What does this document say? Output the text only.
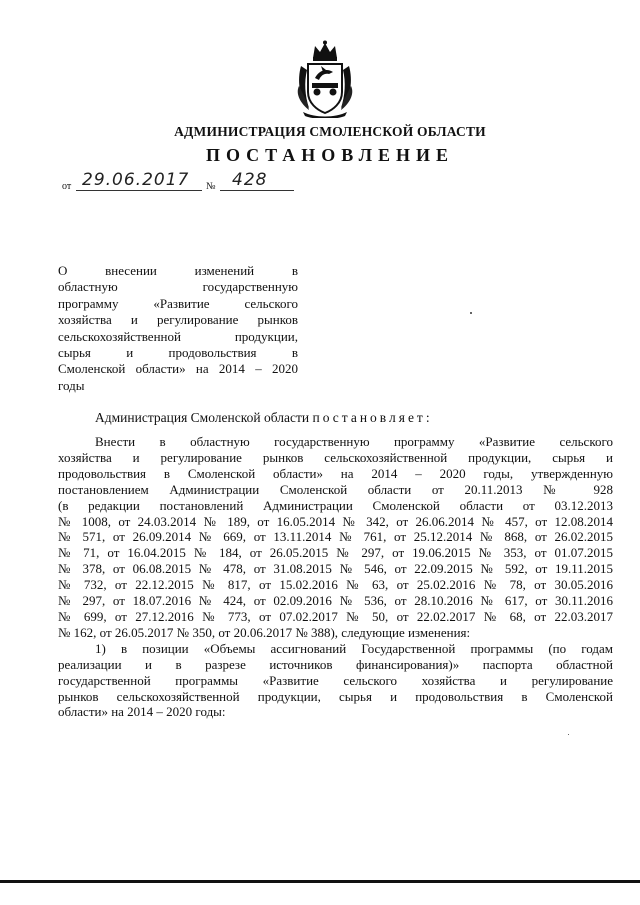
АДМИНИСТРАЦИЯ СМОЛЕНСКОЙ ОБЛАСТИ
ПОСТАНОВЛЕНИЕ
от 29.06.2017 № 428
О внесении изменений в
областную государственную
программу «Развитие сельского
хозяйства и регулирование рынков
сельскохозяйственной продукции,
сырья и продовольствия в
Смоленской области» на 2014 – 2020
годы
Администрация Смоленской области постановляет:
Внести в областную государственную программу «Развитие сельского
хозяйства и регулирование рынков сельскохозяйственной продукции, сырья и
продовольствия в Смоленской области» на 2014 – 2020 годы, утвержденную
постановлением Администрации Смоленской области от 20.11.2013 № 928
(в редакции постановлений Администрации Смоленской области от 03.12.2013
№ 1008, от 24.03.2014 № 189, от 16.05.2014 № 342, от 26.06.2014 № 457, от 12.08.2014
№ 571, от 26.09.2014 № 669, от 13.11.2014 № 761, от 25.12.2014 № 868, от 26.02.2015
№ 71, от 16.04.2015 № 184, от 26.05.2015 № 297, от 19.06.2015 № 353, от 01.07.2015
№ 378, от 06.08.2015 № 478, от 31.08.2015 № 546, от 22.09.2015 № 592, от 19.11.2015
№ 732, от 22.12.2015 № 817, от 15.02.2016 № 63, от 25.02.2016 № 78, от 30.05.2016
№ 297, от 18.07.2016 № 424, от 02.09.2016 № 536, от 28.10.2016 № 617, от 30.11.2016
№ 699, от 27.12.2016 № 773, от 07.02.2017 № 50, от 22.02.2017 № 68, от 22.03.2017
№ 162, от 26.05.2017 № 350, от 20.06.2017 № 388), следующие изменения:
1) в позиции «Объемы ассигнований Государственной программы (по годам
реализации и в разрезе источников финансирования)» паспорта областной
государственной программы «Развитие сельского хозяйства и регулирование
рынков сельскохозяйственной продукции, сырья и продовольствия в Смоленской
области» на 2014 – 2020 годы:
